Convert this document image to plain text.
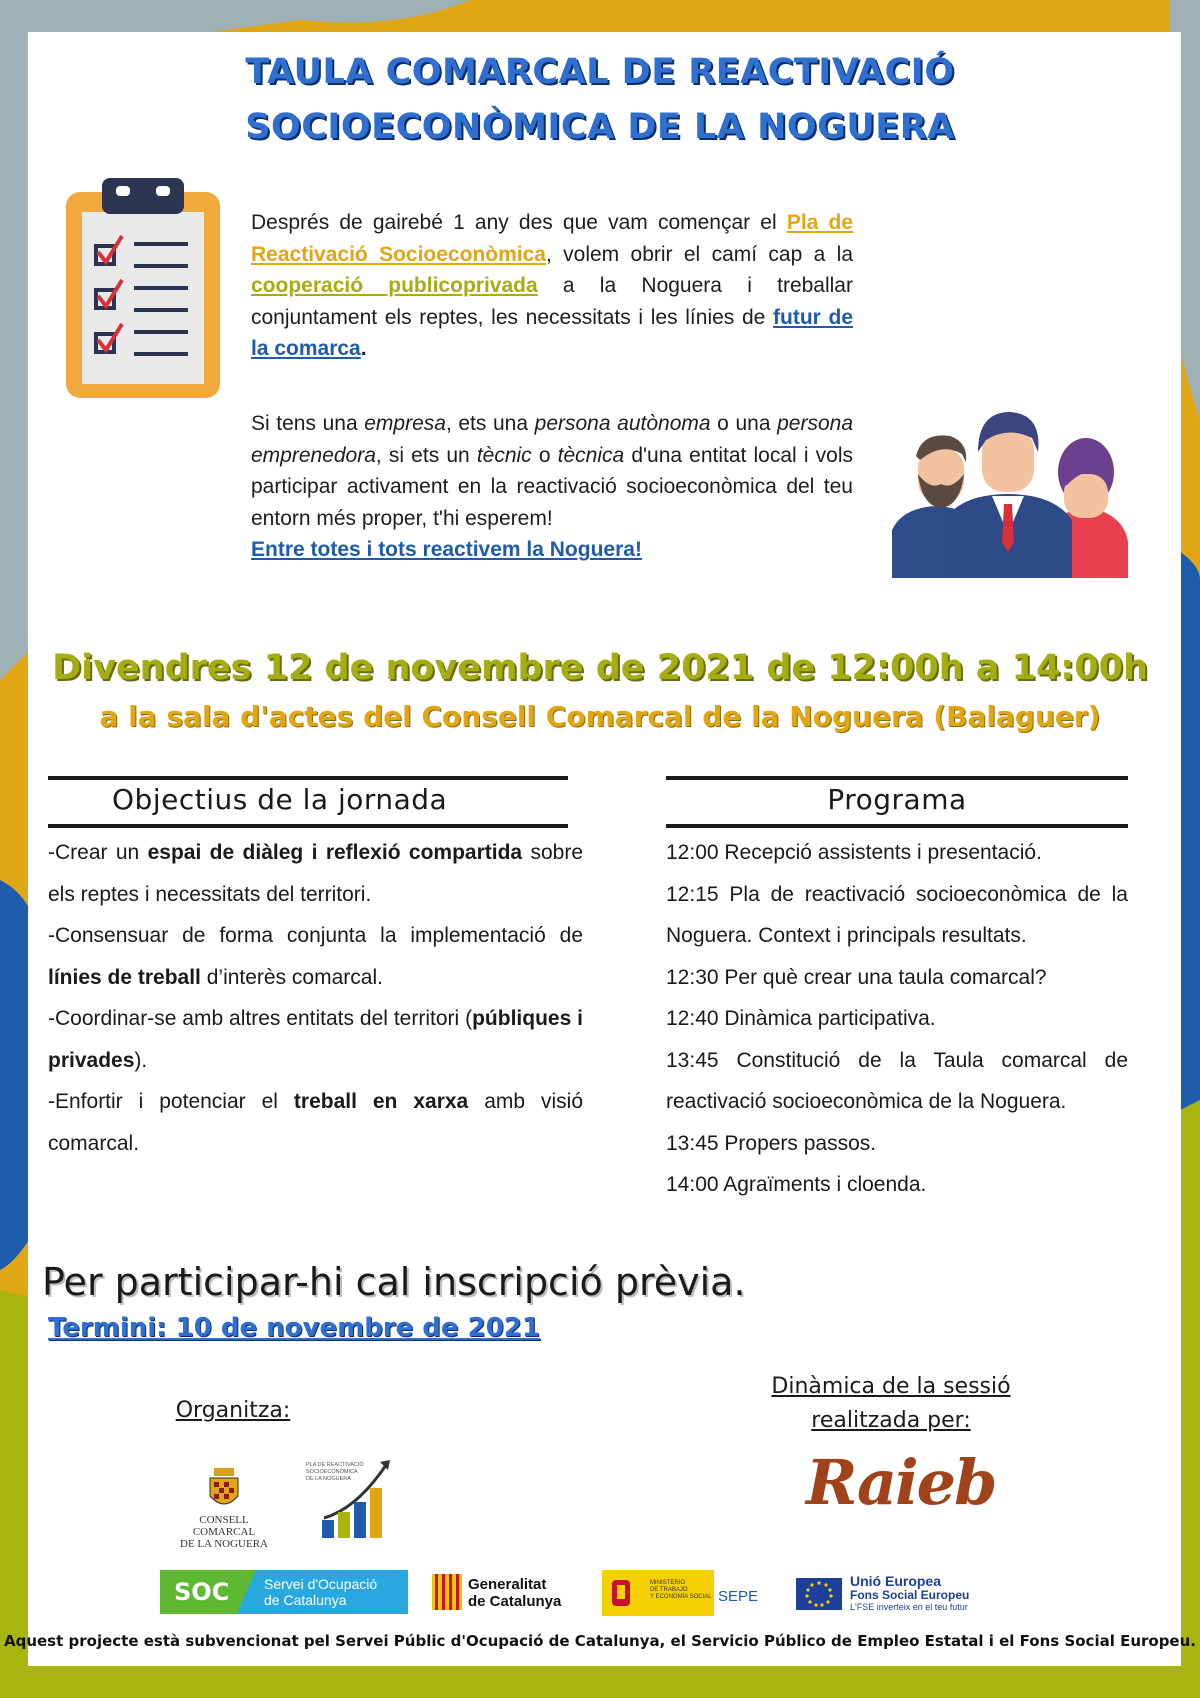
TAULA COMARCAL DE REACTIVACIÓ
SOCIOECONÒMICA DE LA NOGUERA
Després de gairebé 1 any des que vam començar el Pla de Reactivació Socioeconòmica, volem obrir el camí cap a la cooperació publicoprivada a la Noguera i treballar conjuntament els reptes, les necessitats i les línies de futur de la comarca.
Si tens una empresa, ets una persona autònoma o una persona emprenedora, si ets un tècnic o tècnica d'una entitat local i vols participar activament en la reactivació socioeconòmica del teu entorn més proper, t'hi esperem!
Entre totes i tots reactivem la Noguera!
Divendres 12 de novembre de 2021 de 12:00h a 14:00h
a la sala d'actes del Consell Comarcal de la Noguera (Balaguer)
Objectius de la jornada
-Crear un espai de diàleg i reflexió compartida sobre els reptes i necessitats del territori.
-Consensuar de forma conjunta la implementació de línies de treball d’interès comarcal.
-Coordinar-se amb altres entitats del territori (públiques i privades).
-Enfortir i potenciar el treball en xarxa amb visió comarcal.
Programa
12:00 Recepció assistents i presentació.
12:15 Pla de reactivació socioeconòmica de la Noguera. Context i principals resultats.
12:30 Per què crear una taula comarcal?
12:40 Dinàmica participativa.
13:45 Constitució de la Taula comarcal de reactivació socioeconòmica de la Noguera.
13:45 Propers passos.
14:00 Agraïments i cloenda.
Per participar-hi cal inscripció prèvia.
Termini: 10 de novembre de 2021
Organitza:
CONSELL COMARCAL
DE LA NOGUERA
PLA DE REACTIVACIÓ
SOCIOECONÒMICA
DE LA NOGUERA
Dinàmica de la sessió
realitzada per:
Raieb
SOC Servei d'Ocupació
de Catalunya
Generalitat
de Catalunya
MINISTERIO
DE TRABAJO
Y ECONOMÍA SOCIAL SEPE
Unió Europea
Fons Social Europeu
L'FSE inverteix en el teu futur
Aquest projecte està subvencionat pel Servei Públic d'Ocupació de Catalunya, el Servicio Público de Empleo Estatal i el Fons Social Europeu.
